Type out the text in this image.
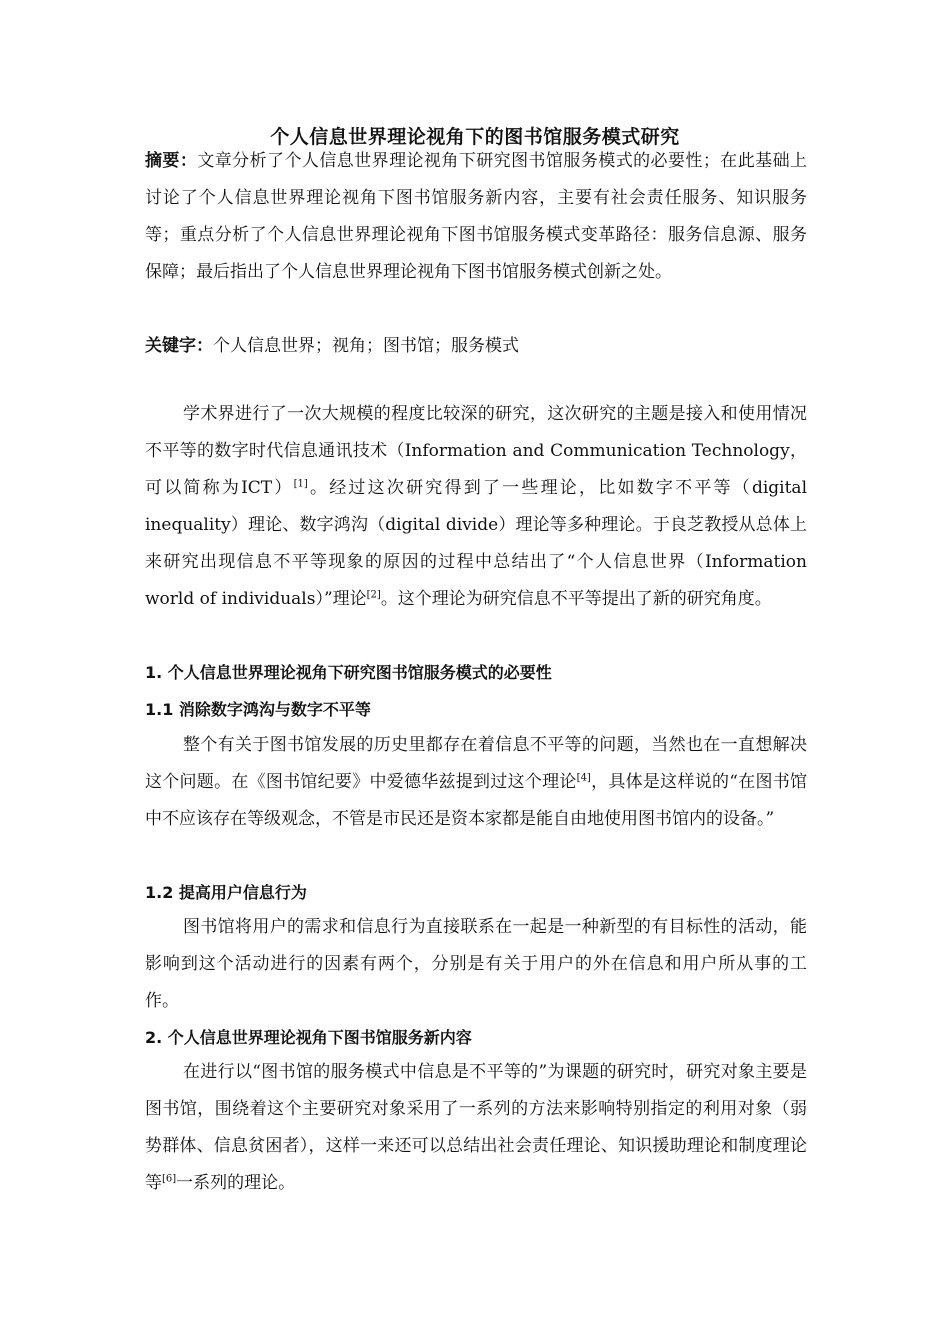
个人信息世界理论视角下的图书馆服务模式研究
摘要：文章分析了个人信息世界理论视角下研究图书馆服务模式的必要性；在此基础上讨论了个人信息世界理论视角下图书馆服务新内容，主要有社会责任服务、知识服务等；重点分析了个人信息世界理论视角下图书馆服务模式变革路径：服务信息源、服务保障；最后指出了个人信息世界理论视角下图书馆服务模式创新之处。
关键字：个人信息世界；视角；图书馆；服务模式
学术界进行了一次大规模的程度比较深的研究，这次研究的主题是接入和使用情况不平等的数字时代信息通讯技术（Information and Communication Technology，可以简称为ICT）[1]。经过这次研究得到了一些理论，比如数字不平等（digital inequality）理论、数字鸿沟（digital divide）理论等多种理论。于良芝教授从总体上来研究出现信息不平等现象的原因的过程中总结出了“个人信息世界（Information world of individuals）”理论[2]。这个理论为研究信息不平等提出了新的研究角度。
1. 个人信息世界理论视角下研究图书馆服务模式的必要性
1.1 消除数字鸿沟与数字不平等
整个有关于图书馆发展的历史里都存在着信息不平等的问题，当然也在一直想解决这个问题。在《图书馆纪要》中爱德华兹提到过这个理论[4]，具体是这样说的“在图书馆中不应该存在等级观念，不管是市民还是资本家都是能自由地使用图书馆内的设备。”
1.2 提高用户信息行为
图书馆将用户的需求和信息行为直接联系在一起是一种新型的有目标性的活动，能影响到这个活动进行的因素有两个，分别是有关于用户的外在信息和用户所从事的工作。
2. 个人信息世界理论视角下图书馆服务新内容
在进行以“图书馆的服务模式中信息是不平等的”为课题的研究时，研究对象主要是图书馆，围绕着这个主要研究对象采用了一系列的方法来影响特别指定的利用对象（弱势群体、信息贫困者），这样一来还可以总结出社会责任理论、知识援助理论和制度理论等[6]一系列的理论。
